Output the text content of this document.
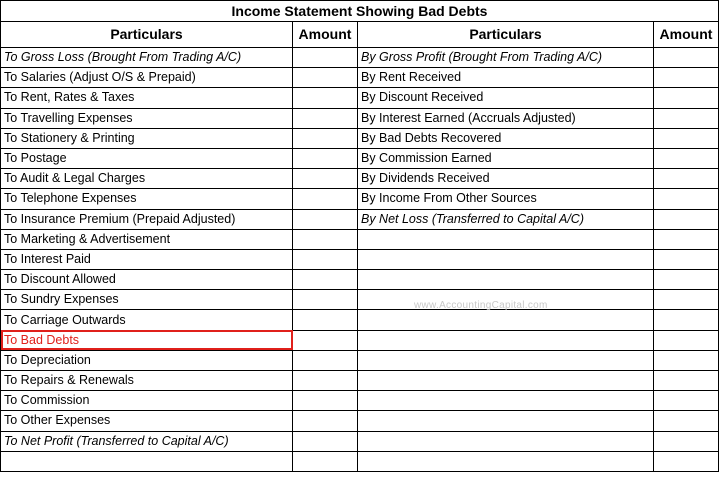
Income Statement Showing Bad Debts			
Particulars	Amount	Particulars	Amount
To Gross Loss (Brought From Trading A/C)		By Gross Profit (Brought From Trading A/C)	
To Salaries (Adjust O/S & Prepaid)		By Rent Received	
To Rent, Rates & Taxes		By Discount Received	
To Travelling Expenses		By Interest Earned (Accruals Adjusted)	
To Stationery & Printing		By Bad Debts Recovered	
To Postage		By Commission Earned	
To Audit & Legal Charges		By Dividends Received	
To Telephone Expenses		By Income From Other Sources	
To Insurance Premium (Prepaid Adjusted)		By Net Loss (Transferred to Capital A/C)	
To Marketing & Advertisement			
To Interest Paid			
To Discount Allowed			
To Sundry Expenses			
To Carriage Outwards			
To Bad Debts			
To Depreciation			
To Repairs & Renewals			
To Commission			
To Other Expenses			
To Net Profit (Transferred to Capital A/C)			

www.AccountingCapital.com
